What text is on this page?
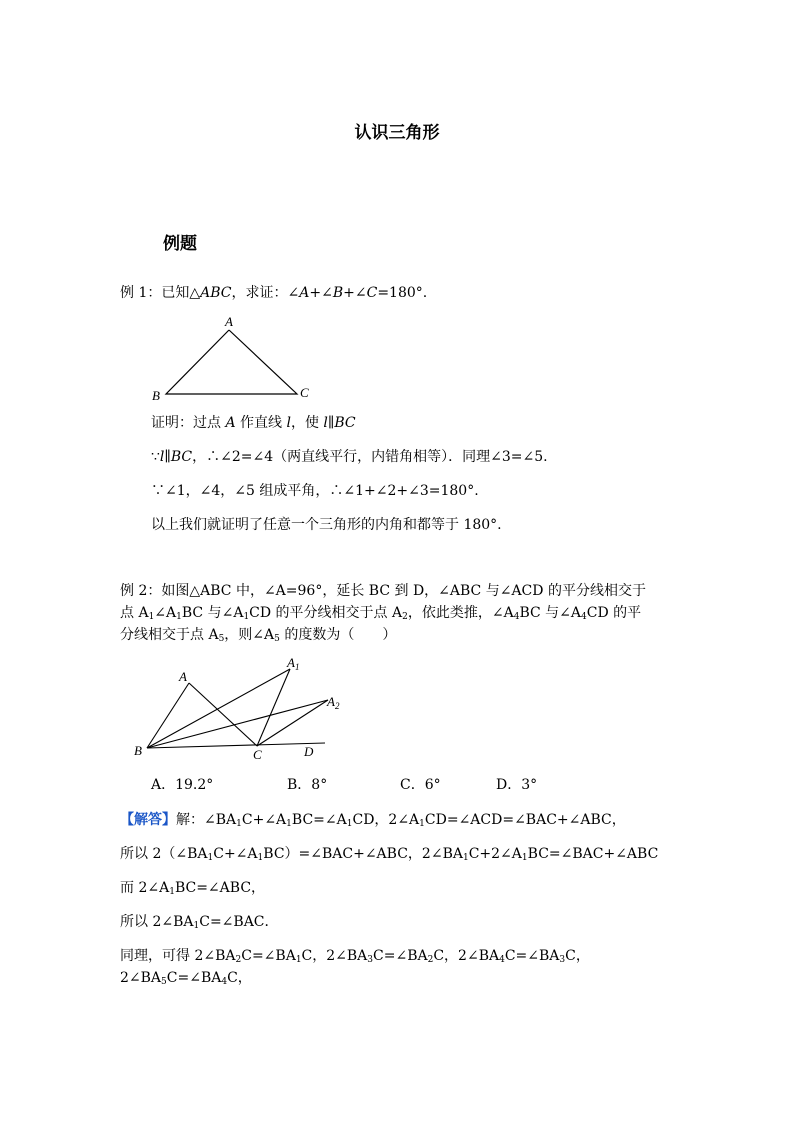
认识三角形
例题
例 1：已知△ABC，求证：∠A+∠B+∠C=180°.
A
B	C
证明：过点 A 作直线 l，使 l∥BC
∵l∥BC，∴∠2=∠4（两直线平行，内错角相等）．同理∠3=∠5.
∵∠1，∠4，∠5 组成平角，∴∠1+∠2+∠3=180°.
以上我们就证明了任意一个三角形的内角和都等于 180°.
例 2：如图△ABC 中，∠A=96°，延长 BC 到 D，∠ABC 与∠ACD 的平分线相交于
点 $A_1\angle A_1BC$ 与$\angle A_1CD$ 的平分线相交于点 $A_2$，依此类推，$\angle A_4BC$ 与$\angle A_4CD$ 的平
分线相交于点 $A_5$，则$\angle A_5$ 的度数为（　　）
A
$A_1$
$A_2$
B	C	D
A．19.2°	B．8°	C．6°	D．3°
【解答】解：$\angle BA_1C+\angle A_1BC=\angle A_1CD$，$2\angle A_1CD=\angle ACD=\angle BAC+\angle ABC$，
所以 $2(\angle BA_1C+\angle A_1BC)=\angle BAC+\angle ABC$，$2\angle BA_1C+2\angle A_1BC=\angle BAC+\angle ABC$
而 $2\angle A_1BC=\angle ABC$，
所以 $2\angle BA_1C=\angle BAC$．
同理，可得 $2\angle BA_2C=\angle BA_1C$，$2\angle BA_3C=\angle BA_2C$，$2\angle BA_4C=\angle BA_3C$，
$2\angle BA_5C=\angle BA_4C$，
